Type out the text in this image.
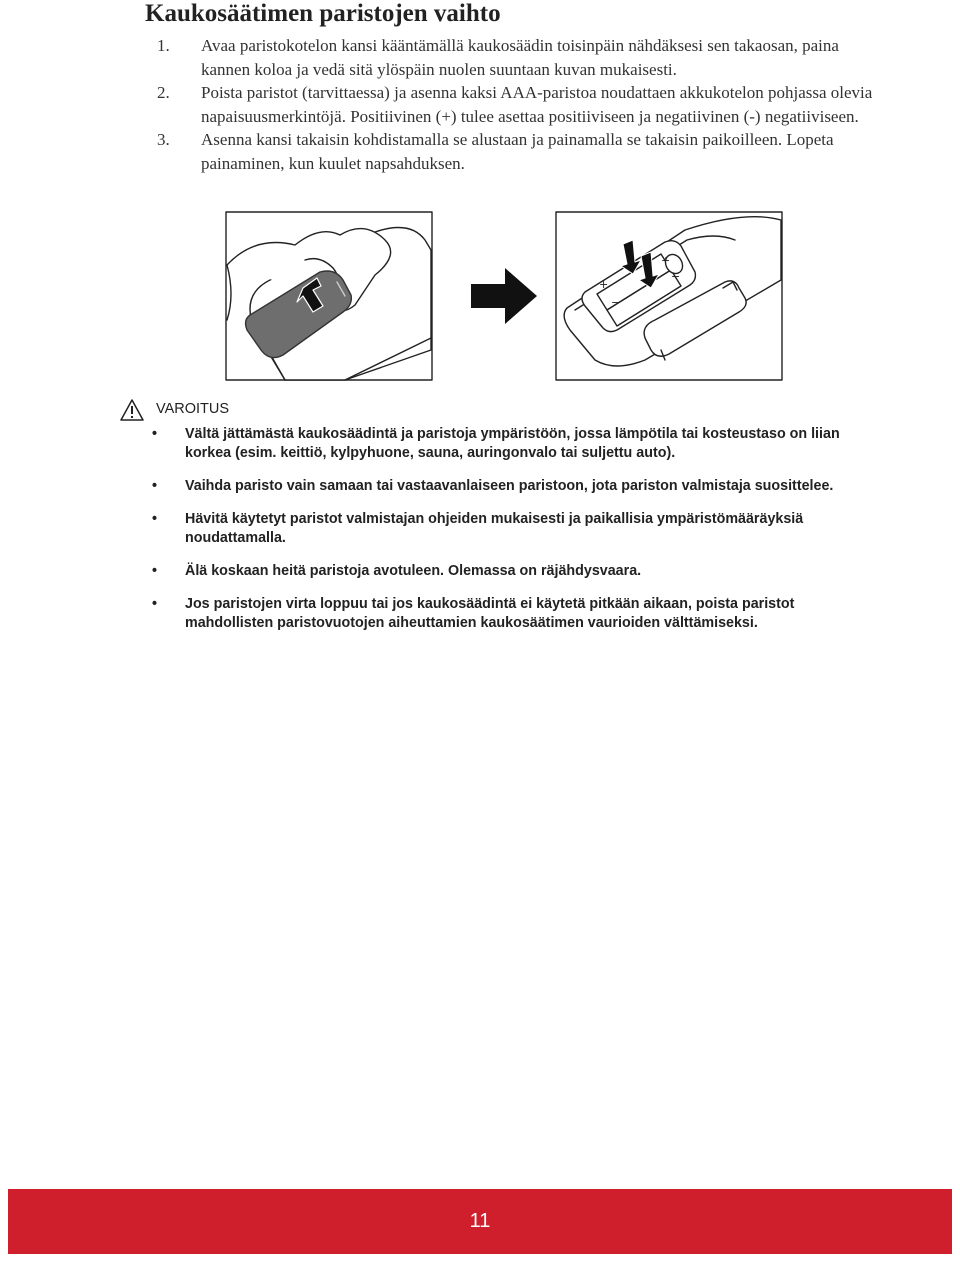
Kaukosäätimen paristojen vaihto
1. Avaa paristokotelon kansi kääntämällä kaukosäädin toisinpäin nähdäksesi sen takaosan, paina kannen koloa ja vedä sitä ylöspäin nuolen suuntaan kuvan mukaisesti.
2. Poista paristot (tarvittaessa) ja asenna kaksi AAA-paristoa noudattaen akkukotelon pohjassa olevia napaisuusmerkintöjä. Positiivinen (+) tulee asettaa positiiviseen ja negatiivinen (-) negatiiviseen.
3. Asenna kansi takaisin kohdistamalla se alustaan ja painamalla se takaisin paikoilleen. Lopeta painaminen, kun kuulet napsahduksen.
+
+
−
−
VAROITUS
• Vältä jättämästä kaukosäädintä ja paristoja ympäristöön, jossa lämpötila tai kosteustaso on liian korkea (esim. keittiö, kylpyhuone, sauna, auringonvalo tai suljettu auto).
• Vaihda paristo vain samaan tai vastaavanlaiseen paristoon, jota pariston valmistaja suosittelee.
• Hävitä käytetyt paristot valmistajan ohjeiden mukaisesti ja paikallisia ympäristömääräyksiä noudattamalla.
• Älä koskaan heitä paristoja avotuleen. Olemassa on räjähdysvaara.
• Jos paristojen virta loppuu tai jos kaukosäädintä ei käytetä pitkään aikaan, poista paristot mahdollisten paristovuotojen aiheuttamien kaukosäätimen vaurioiden välttämiseksi.
11
